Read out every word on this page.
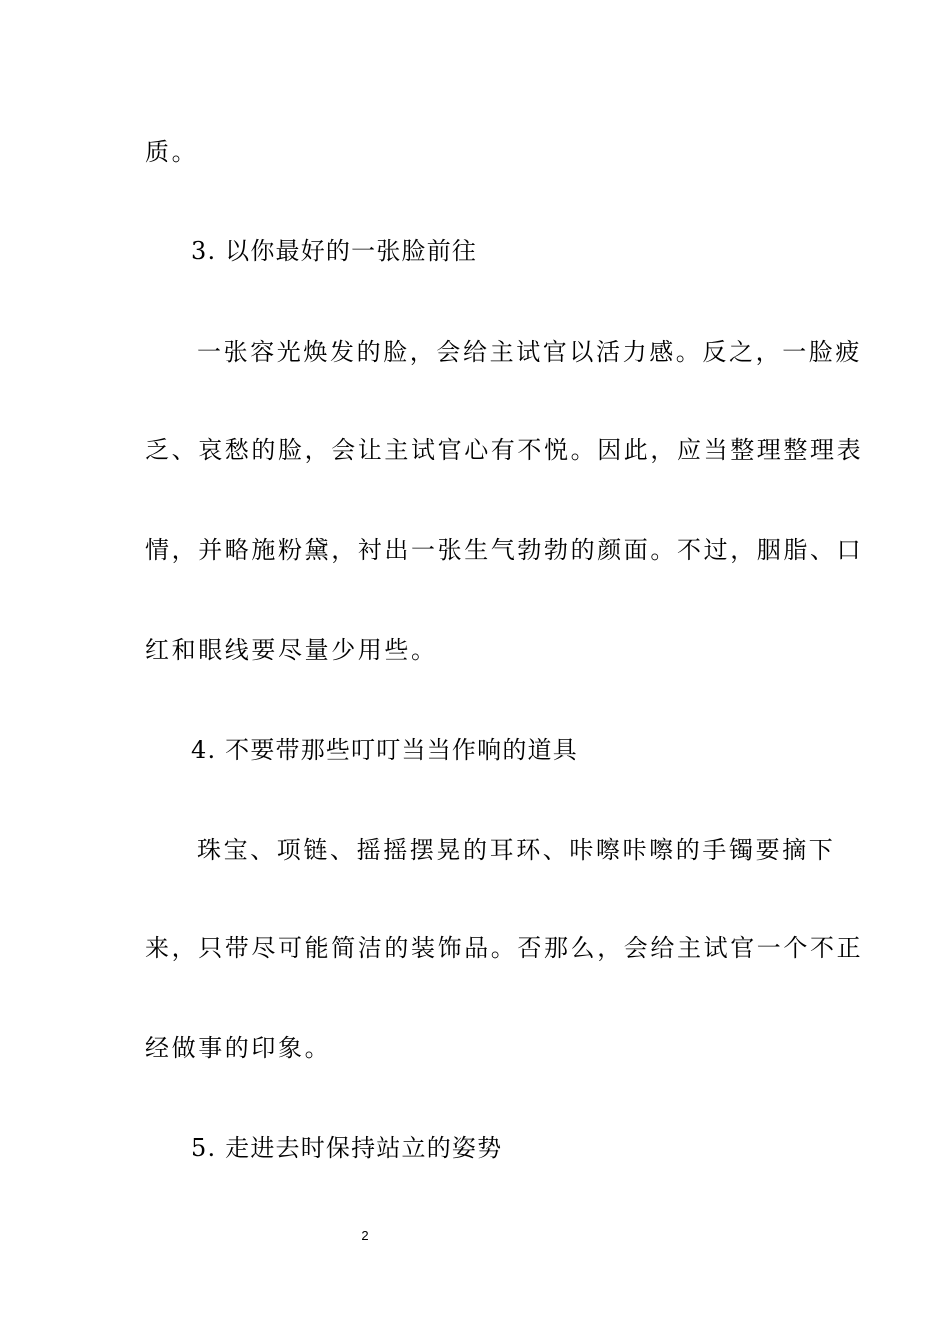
质。

3. 以你最好的一张脸前往

一张容光焕发的脸，会给主试官以活力感。反之，一脸疲

乏、哀愁的脸，会让主试官心有不悦。因此，应当整理整理表

情，并略施粉黛，衬出一张生气勃勃的颜面。不过，胭脂、口

红和眼线要尽量少用些。

4. 不要带那些叮叮当当作响的道具

珠宝、项链、摇摇摆晃的耳环、咔嚓咔嚓的手镯要摘下

来，只带尽可能简洁的装饰品。否那么，会给主试官一个不正

经做事的印象。

5. 走进去时保持站立的姿势

2
